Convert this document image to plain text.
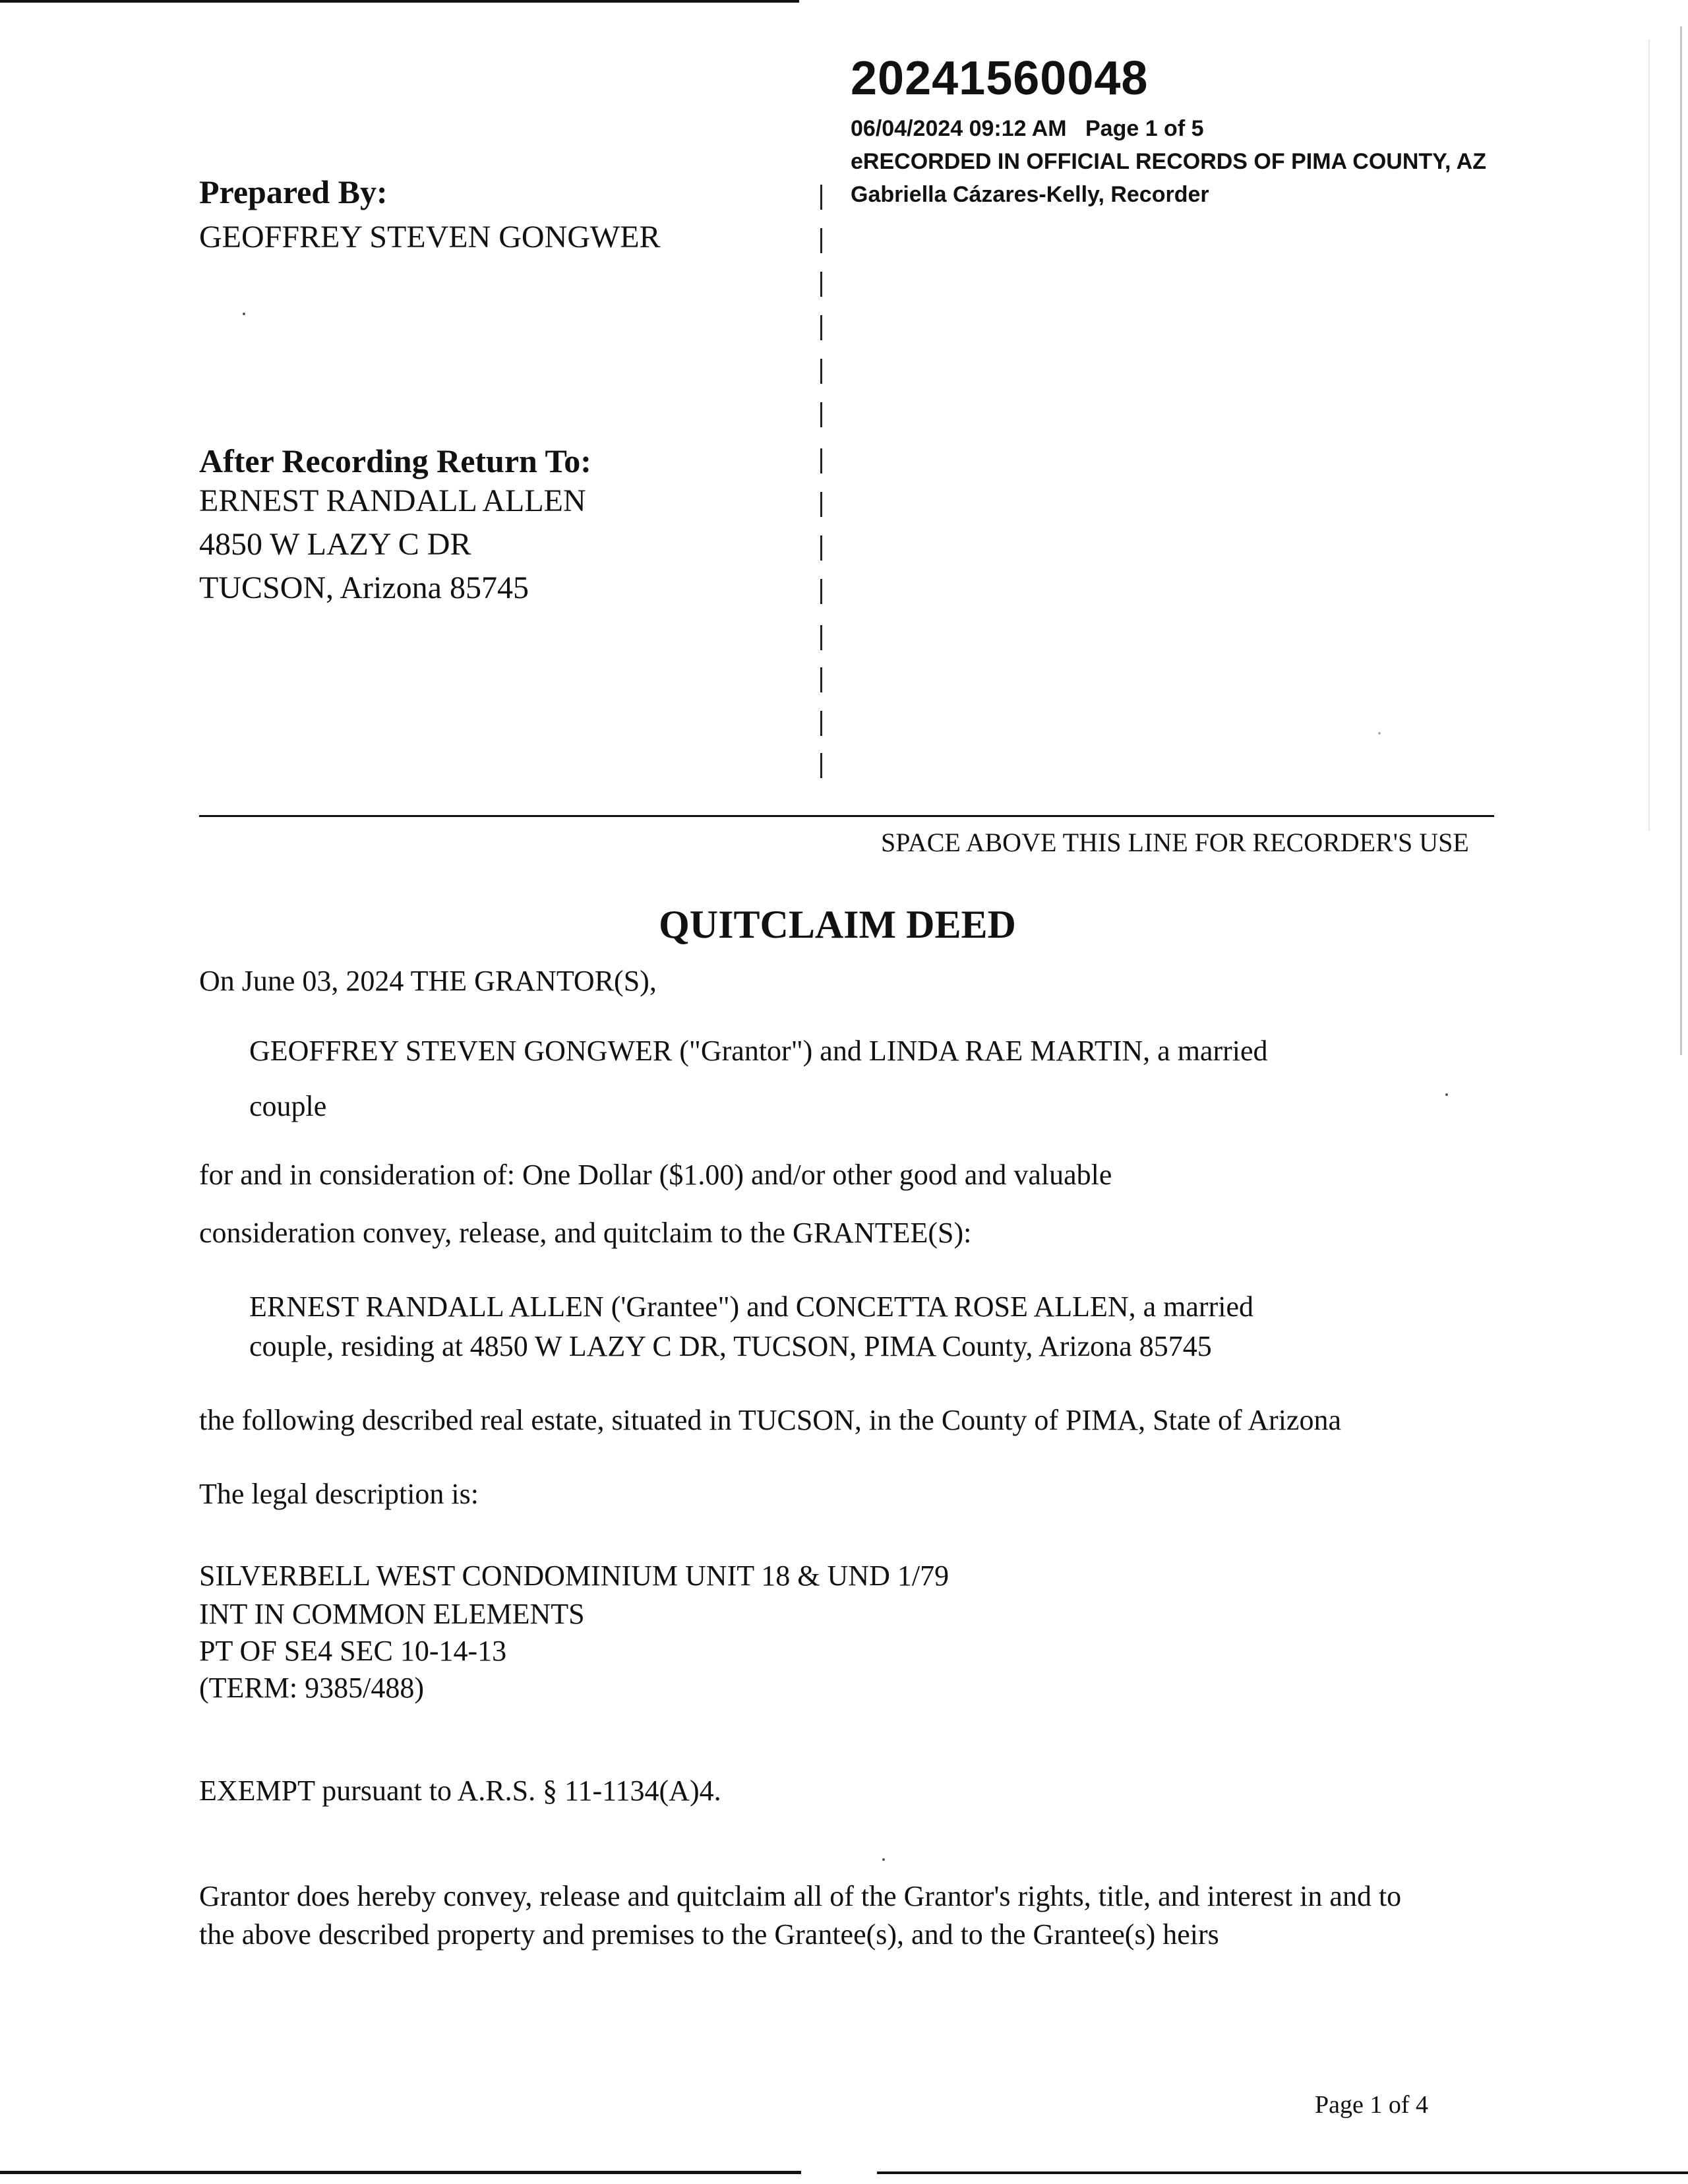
20241560048
06/04/2024 09:12 AM Page 1 of 5
eRECORDED IN OFFICIAL RECORDS OF PIMA COUNTY, AZ
Gabriella Cázares-Kelly, Recorder
Prepared By:
GEOFFREY STEVEN GONGWER
After Recording Return To:
ERNEST RANDALL ALLEN
4850 W LAZY C DR
TUCSON, Arizona 85745
SPACE ABOVE THIS LINE FOR RECORDER'S USE
QUITCLAIM DEED
On June 03, 2024 THE GRANTOR(S),
GEOFFREY STEVEN GONGWER ("Grantor") and LINDA RAE MARTIN, a married
couple
for and in consideration of: One Dollar ($1.00) and/or other good and valuable
consideration convey, release, and quitclaim to the GRANTEE(S):
ERNEST RANDALL ALLEN ('Grantee") and CONCETTA ROSE ALLEN, a married
couple, residing at 4850 W LAZY C DR, TUCSON, PIMA County, Arizona 85745
the following described real estate, situated in TUCSON, in the County of PIMA, State of Arizona
The legal description is:
SILVERBELL WEST CONDOMINIUM UNIT 18 & UND 1/79
INT IN COMMON ELEMENTS
PT OF SE4 SEC 10-14-13
(TERM: 9385/488)
EXEMPT pursuant to A.R.S. § 11-1134(A)4.
Grantor does hereby convey, release and quitclaim all of the Grantor's rights, title, and interest in and to
the above described property and premises to the Grantee(s), and to the Grantee(s) heirs
Page 1 of 4
